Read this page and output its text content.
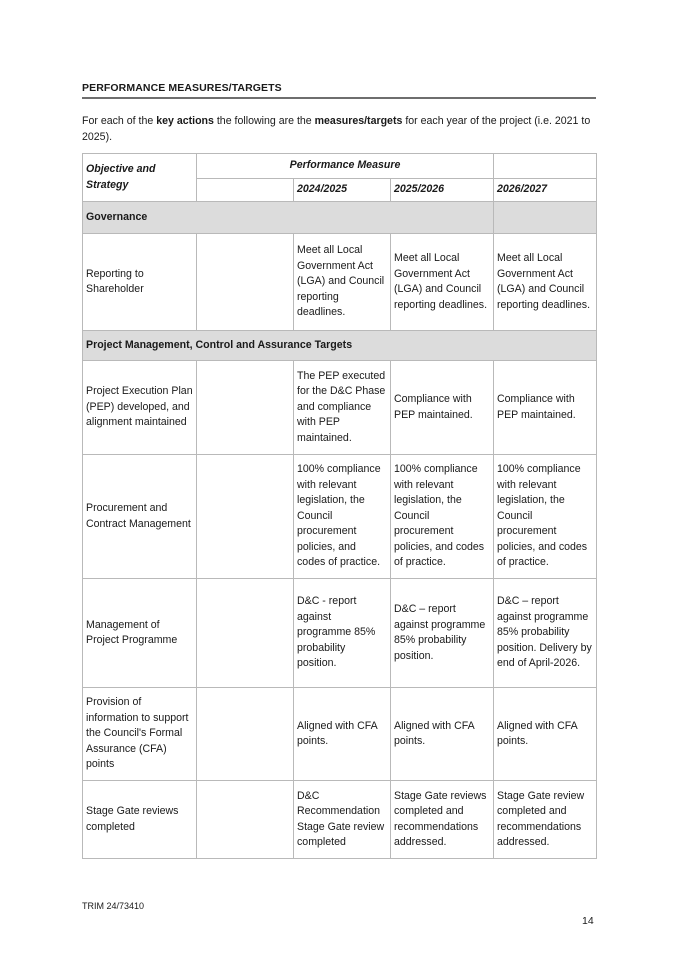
PERFORMANCE MEASURES/TARGETS
For each of the key actions the following are the measures/targets for each year of the project (i.e. 2021 to 2025).
Objective and Strategy	Performance Measure			
		2024/2025	2025/2026	2026/2027
Governance				
Reporting to Shareholder		Meet all Local Government Act (LGA) and Council reporting deadlines.	Meet all Local Government Act (LGA) and Council reporting deadlines.	Meet all Local Government Act (LGA) and Council reporting deadlines.
Project Management, Control and Assurance Targets				
Project Execution Plan (PEP) developed, and alignment maintained		The PEP executed for the D&C Phase and compliance with PEP maintained.	Compliance with PEP maintained.	Compliance with PEP maintained.
Procurement and Contract Management		100% compliance with relevant legislation, the Council procurement policies, and codes of practice.	100% compliance with relevant legislation, the Council procurement policies, and codes of practice.	100% compliance with relevant legislation, the Council procurement policies, and codes of practice.
Management of Project Programme		D&C - report against programme 85% probability position.	D&C – report against programme 85% probability position.	D&C – report against programme 85% probability position. Delivery by end of April-2026.
Provision of information to support the Council's Formal Assurance (CFA) points		Aligned with CFA points.	Aligned with CFA points.	Aligned with CFA points.
Stage Gate reviews completed		D&C Recommendation Stage Gate review completed	Stage Gate reviews completed and recommendations addressed.	Stage Gate review completed and recommendations addressed.
TRIM 24/73410
14
